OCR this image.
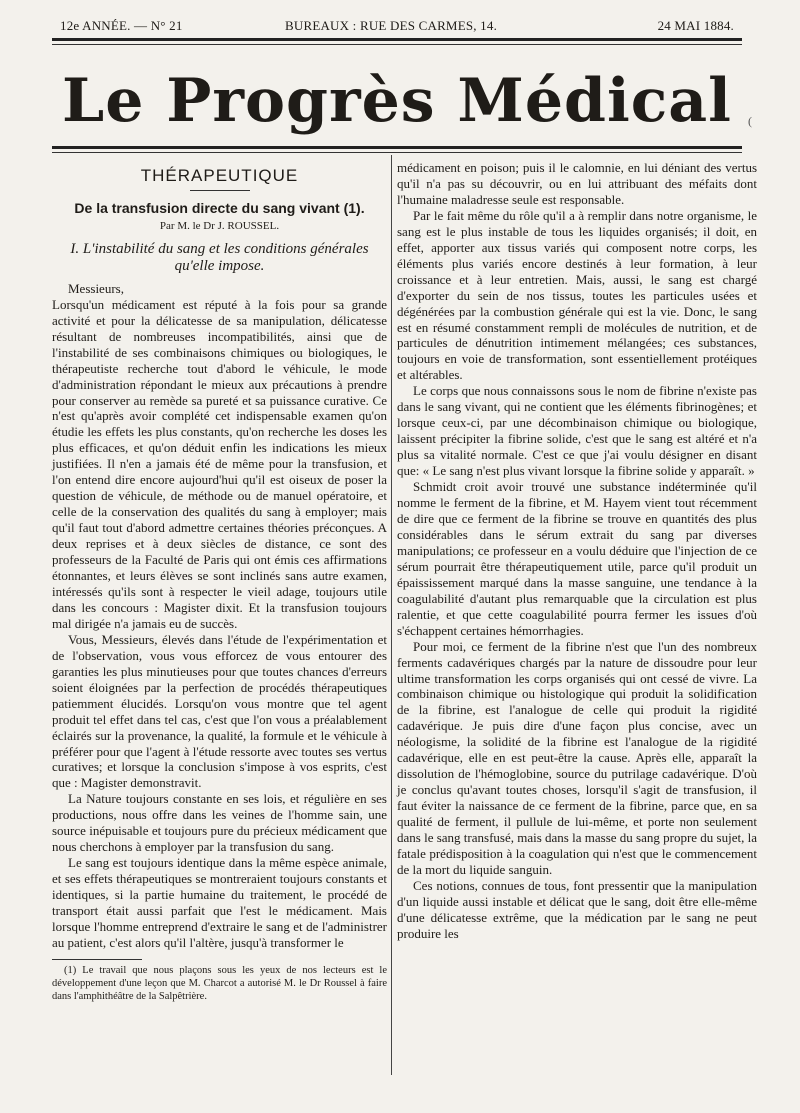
12e ANNÉE. — N° 21	BUREAUX : RUE DES CARMES, 14.	24 MAI 1884.
Le Progrès Médical	(
THÉRAPEUTIQUE
De la transfusion directe du sang vivant (1).
Par M. le Dr J. ROUSSEL.
I. L'instabilité du sang et les conditions générales qu'elle impose.

Messieurs,

Lorsqu'un médicament est réputé à la fois pour sa grande activité et pour la délicatesse de sa manipulation, délicatesse résultant de nombreuses incompatibilités, ainsi que de l'instabilité de ses combinaisons chimiques ou biologiques, le thérapeutiste recherche tout d'abord le véhicule, le mode d'administration répondant le mieux aux précautions à prendre pour conserver au remède sa pureté et sa puissance curative. Ce n'est qu'après avoir complété cet indispensable examen qu'on étudie les effets les plus constants, qu'on recherche les doses les plus efficaces, et qu'on déduit enfin les indications les mieux justifiées. Il n'en a jamais été de même pour la transfusion, et l'on entend dire encore aujourd'hui qu'il est oiseux de poser la question de véhicule, de méthode ou de manuel opératoire, et celle de la conservation des qualités du sang à employer; mais qu'il faut tout d'abord admettre certaines théories préconçues. A deux reprises et à deux siècles de distance, ce sont des professeurs de la Faculté de Paris qui ont émis ces affirmations étonnantes, et leurs élèves se sont inclinés sans autre examen, intéressés qu'ils sont à respecter le vieil adage, toujours utile dans les concours : Magister dixit. Et la transfusion toujours mal dirigée n'a jamais eu de succès.

Vous, Messieurs, élevés dans l'étude de l'expérimentation et de l'observation, vous vous efforcez de vous entourer des garanties les plus minutieuses pour que toutes chances d'erreurs soient éloignées par la perfection de procédés thérapeutiques patiemment élucidés. Lorsqu'on vous montre que tel agent produit tel effet dans tel cas, c'est que l'on vous a préalablement éclairés sur la provenance, la qualité, la formule et le véhicule à préférer pour que l'agent à l'étude ressorte avec toutes ses vertus curatives; et lorsque la conclusion s'impose à vos esprits, c'est que : Magister demonstravit.

La Nature toujours constante en ses lois, et régulière en ses productions, nous offre dans les veines de l'homme sain, une source inépuisable et toujours pure du précieux médicament que nous cherchons à employer par la transfusion du sang.

Le sang est toujours identique dans la même espèce animale, et ses effets thérapeutiques se montreraient toujours constants et identiques, si la partie humaine du traitement, le procédé de transport était aussi parfait que l'est le médicament. Mais lorsque l'homme entreprend d'extraire le sang et de l'administrer au patient, c'est alors qu'il l'altère, jusqu'à transformer le

(1) Le travail que nous plaçons sous les yeux de nos lecteurs est le développement d'une leçon que M. Charcot a autorisé M. le Dr Roussel à faire dans l'amphithéâtre de la Salpêtrière.

médicament en poison; puis il le calomnie, en lui déniant des vertus qu'il n'a pas su découvrir, ou en lui attribuant des méfaits dont l'humaine maladresse seule est responsable.

Par le fait même du rôle qu'il a à remplir dans notre organisme, le sang est le plus instable de tous les liquides organisés; il doit, en effet, apporter aux tissus variés qui composent notre corps, les éléments plus variés encore destinés à leur formation, à leur croissance et à leur entretien. Mais, aussi, le sang est chargé d'exporter du sein de nos tissus, toutes les particules usées et dégénérées par la combustion générale qui est la vie. Donc, le sang est en résumé constamment rempli de molécules de nutrition, et de particules de dénutrition intimement mélangées; ces substances, toujours en voie de transformation, sont essentiellement protéiques et altérables.

Le corps que nous connaissons sous le nom de fibrine n'existe pas dans le sang vivant, qui ne contient que les éléments fibrinogènes; et lorsque ceux-ci, par une décombinaison chimique ou biologique, laissent précipiter la fibrine solide, c'est que le sang est altéré et n'a plus sa vitalité normale. C'est ce que j'ai voulu désigner en disant que: « Le sang n'est plus vivant lorsque la fibrine solide y apparaît. »

Schmidt croit avoir trouvé une substance indéterminée qu'il nomme le ferment de la fibrine, et M. Hayem vient tout récemment de dire que ce ferment de la fibrine se trouve en quantités des plus considérables dans le sérum extrait du sang par diverses manipulations; ce professeur en a voulu déduire que l'injection de ce sérum pourrait être thérapeutiquement utile, parce qu'il produit un épaississement marqué dans la masse sanguine, une tendance à la coagulabilité d'autant plus remarquable que la circulation est plus ralentie, et que cette coagulabilité pourra fermer les issues d'où s'échappent certaines hémorrhagies.

Pour moi, ce ferment de la fibrine n'est que l'un des nombreux ferments cadavériques chargés par la nature de dissoudre pour leur ultime transformation les corps organisés qui ont cessé de vivre. La combinaison chimique ou histologique qui produit la solidification de la fibrine, est l'analogue de celle qui produit la rigidité cadavérique. Je puis dire d'une façon plus concise, avec un néologisme, la solidité de la fibrine est l'analogue de la rigidité cadavérique, elle en est peut-être la cause. Après elle, apparaît la dissolution de l'hémoglobine, source du putrilage cadavérique. D'où je conclus qu'avant toutes choses, lorsqu'il s'agit de transfusion, il faut éviter la naissance de ce ferment de la fibrine, parce que, en sa qualité de ferment, il pullule de lui-même, et porte non seulement dans le sang transfusé, mais dans la masse du sang propre du sujet, la fatale prédisposition à la coagulation qui n'est que le commencement de la mort du liquide sanguin.

Ces notions, connues de tous, font pressentir que la manipulation d'un liquide aussi instable et délicat que le sang, doit être elle-même d'une délicatesse extrême, que la médication par le sang ne peut produire les
